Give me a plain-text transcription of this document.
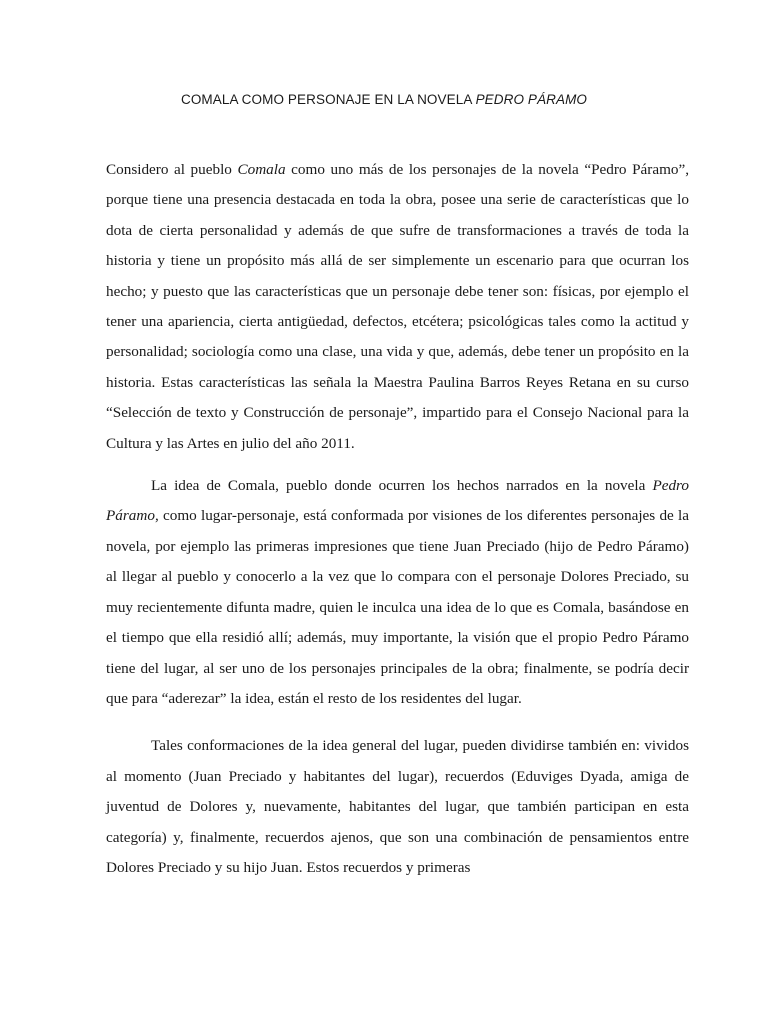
COMALA COMO PERSONAJE EN LA NOVELA PEDRO PÁRAMO

Considero al pueblo Comala como uno más de los personajes de la novela “Pedro Páramo”, porque tiene una presencia destacada en toda la obra, posee una serie de características que lo dota de cierta personalidad y además de que sufre de transformaciones a través de toda la historia y tiene un propósito más allá de ser simplemente un escenario para que ocurran los hecho; y puesto que las características que un personaje debe tener son: físicas, por ejemplo el tener una apariencia, cierta antigüedad, defectos, etcétera; psicológicas tales como la actitud y personalidad; sociología como una clase, una vida y que, además, debe tener un propósito en la historia. Estas características las señala la Maestra Paulina Barros Reyes Retana en su curso “Selección de texto y Construcción de personaje”, impartido para el Consejo Nacional para la Cultura y las Artes en julio del año 2011.

La idea de Comala, pueblo donde ocurren los hechos narrados en la novela Pedro Páramo, como lugar-personaje, está conformada por visiones de los diferentes personajes de la novela, por ejemplo las primeras impresiones que tiene Juan Preciado (hijo de Pedro Páramo) al llegar al pueblo y conocerlo a la vez que lo compara con el personaje Dolores Preciado, su muy recientemente difunta madre, quien le inculca una idea de lo que es Comala, basándose en el tiempo que ella residió allí; además, muy importante, la visión que el propio Pedro Páramo tiene del lugar, al ser uno de los personajes principales de la obra; finalmente, se podría decir que para “aderezar” la idea, están el resto de los residentes del lugar.

Tales conformaciones de la idea general del lugar, pueden dividirse también en: vividos al momento (Juan Preciado y habitantes del lugar), recuerdos (Eduviges Dyada, amiga de juventud de Dolores y, nuevamente, habitantes del lugar, que también participan en esta categoría) y, finalmente, recuerdos ajenos, que son una combinación de pensamientos entre Dolores Preciado y su hijo Juan. Estos recuerdos y primeras
